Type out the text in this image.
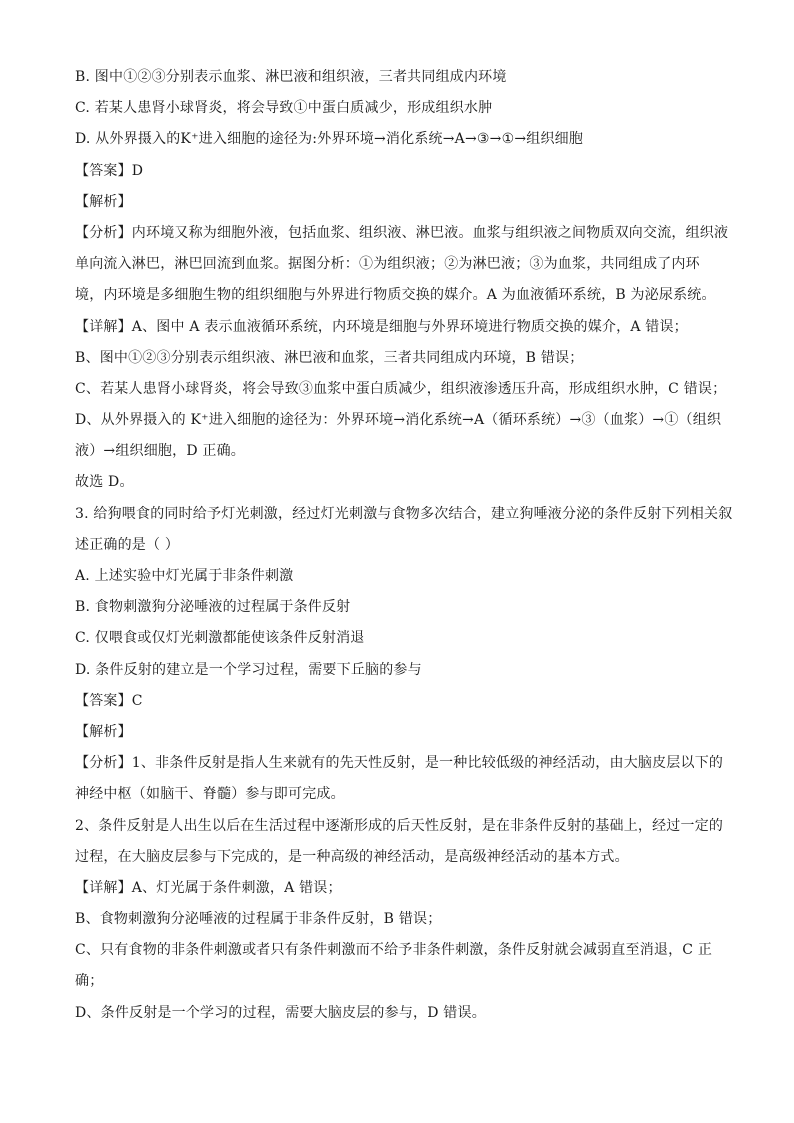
B. 图中①②③分别表示血浆、淋巴液和组织液，三者共同组成内环境
C. 若某人患肾小球肾炎，将会导致①中蛋白质减少，形成组织水肿
D. 从外界摄入的K⁺进入细胞的途径为:外界环境→消化系统→A→③→①→组织细胞
【答案】D
【解析】
【分析】内环境又称为细胞外液，包括血浆、组织液、淋巴液。血浆与组织液之间物质双向交流，组织液
单向流入淋巴，淋巴回流到血浆。据图分析：①为组织液；②为淋巴液；③为血浆，共同组成了内环
境，内环境是多细胞生物的组织细胞与外界进行物质交换的媒介。A 为血液循环系统，B 为泌尿系统。
【详解】A、图中 A 表示血液循环系统，内环境是细胞与外界环境进行物质交换的媒介，A 错误；
B、图中①②③分别表示组织液、淋巴液和血浆，三者共同组成内环境，B 错误；
C、若某人患肾小球肾炎，将会导致③血浆中蛋白质减少，组织液渗透压升高，形成组织水肿，C 错误；
D、从外界摄入的 K⁺进入细胞的途径为：外界环境→消化系统→A（循环系统）→③（血浆）→①（组织
液）→组织细胞，D 正确。
故选 D。
3. 给狗喂食的同时给予灯光刺激，经过灯光刺激与食物多次结合，建立狗唾液分泌的条件反射下列相关叙
述正确的是（ ）
A. 上述实验中灯光属于非条件刺激
B. 食物刺激狗分泌唾液的过程属于条件反射
C. 仅喂食或仅灯光刺激都能使该条件反射消退
D. 条件反射的建立是一个学习过程，需要下丘脑的参与
【答案】C
【解析】
【分析】1、非条件反射是指人生来就有的先天性反射，是一种比较低级的神经活动，由大脑皮层以下的
神经中枢（如脑干、脊髓）参与即可完成。
2、条件反射是人出生以后在生活过程中逐渐形成的后天性反射，是在非条件反射的基础上，经过一定的
过程，在大脑皮层参与下完成的，是一种高级的神经活动，是高级神经活动的基本方式。
【详解】A、灯光属于条件刺激，A 错误；
B、食物刺激狗分泌唾液的过程属于非条件反射，B 错误；
C、只有食物的非条件刺激或者只有条件刺激而不给予非条件刺激，条件反射就会减弱直至消退，C 正
确；
D、条件反射是一个学习的过程，需要大脑皮层的参与，D 错误。
